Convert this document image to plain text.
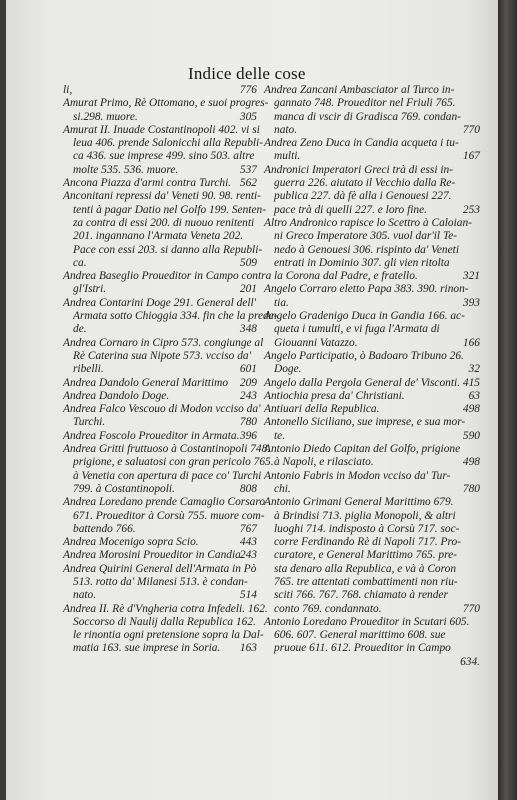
Indice delle cose
li,	776
Amurat Primo, Rè Ottomano, e suoi progres-
si.298. muore.	305
Amurat II. Inuade Costantinopoli 402. vi si
leua 406. prende Salonicchi alla Republi-
ca 436. sue imprese 499. sino 503. altre
molte 535. 536. muore.	537
Ancona Piazza d'armi contra Turchi. 562
Anconitani repressi da' Veneti 90. 98. renti-
tenti à pagar Datio nel Golfo 199. Senten-
za contra di essi 200. di nuouo renitenti
201. ingannano l'Armata Veneta 202.
Pace con essi 203. si danno alla Republi-
ca.	509
Andrea Baseglio Proueditor in Campo contra
gl'Istri.	201
Andrea Contarini Doge 291. General dell'
Armata sotto Chioggia 334. fin che la prede-
de.	348
Andrea Cornaro in Cipro 573. congiunge al
Rè Caterina sua Nipote 573. vcciso da'
ribelli.	601
Andrea Dandolo General Marittimo 209
Andrea Dandolo Doge.	243
Andrea Falco Vescouo di Modon vcciso da'
Turchi.	780
Andrea Foscolo Proueditor in Armata. 396
Andrea Gritti fruttuoso à Costantinopoli 748.
prigione, e saluatosi con gran pericolo 765.
à Venetia con apertura di pace co' Turchi
799. à Costantinopoli.	808
Andrea Loredano prende Camaglio Corsaro
671. Proueditor à Corsù 755. muore com-
battendo 766.	767
Andrea Mocenigo sopra Scio.	443
Andrea Morosini Proueditor in Candia.
243
Andrea Quirini General dell'Armata in Pò
513. rotto da' Milanesi 513. è condan-
nato.	514
Andrea II. Rè d'Vngheria cotra Infedeli. 162.
Soccorso di Naulij dalla Republica 162.
le rinontia ogni pretensione sopra la Dal-
matia 163. sue imprese in Soria. 163
Andrea Zancani Ambasciator al Turco in-
gannato 748. Proueditor nel Friuli 765.
manca di vscir di Gradisca 769. condan-
nato.	770
Andrea Zeno Duca in Candia acqueta i tu-
multi.	167
Andronici Imperatori Greci trà di essi in-
guerra 226. aiutato il Vecchio dalla Re-
publica 227. dà fè alla i Genouesi 227.
pace trà di quelli 227. e loro fine.	253
Altro Andronico rapisce lo Scettro à Caloian-
ni Greco Imperatore 305. vuol dar'il Te-
nedo à Genouesi 306. rispinto da' Veneti
entrati in Dominio 307. gli vien ritolta
la Corona dal Padre, e fratello.	321
Angelo Corraro eletto Papa 383. 390. rinon-
tia.	393
Angelo Gradenigo Duca in Gandia 166. ac-
queta i tumulti, e vi fuga l'Armata di
Giouanni Vatazzo.	166
Angelo Participatio, ò Badoaro Tribuno 26.
Doge.	32
Angelo dalla Pergola General de' Visconti. 415
Antiochia presa da' Christiani.	63
Antiuari della Republica.	498
Antonello Siciliano, sue imprese, e sua mor-
te.	590
Antonio Diedo Capitan del Golfo, prigione
à Napoli, e rilasciato.	498
Antonio Fabris in Modon vcciso da' Tur-
chi.	780
Antonio Grimani General Marittimo 679.
à Brindisi 713. piglia Monopoli, & altri
luoghi 714. indisposto à Corsù 717. soc-
corre Ferdinando Rè di Napoli 717. Pro-
curatore, e General Marittimo 765. pre-
sta denaro alla Republica, e và à Coron
765. tre attentati combattimenti non riu-
sciti 766. 767. 768. chiamato à render
conto 769. condannato.	770
Antonio Loredano Proueditor in Scutari 605.
606. 607. General marittimo 608. sue
pruoue 611. 612. Proueditor in Campo
634.
